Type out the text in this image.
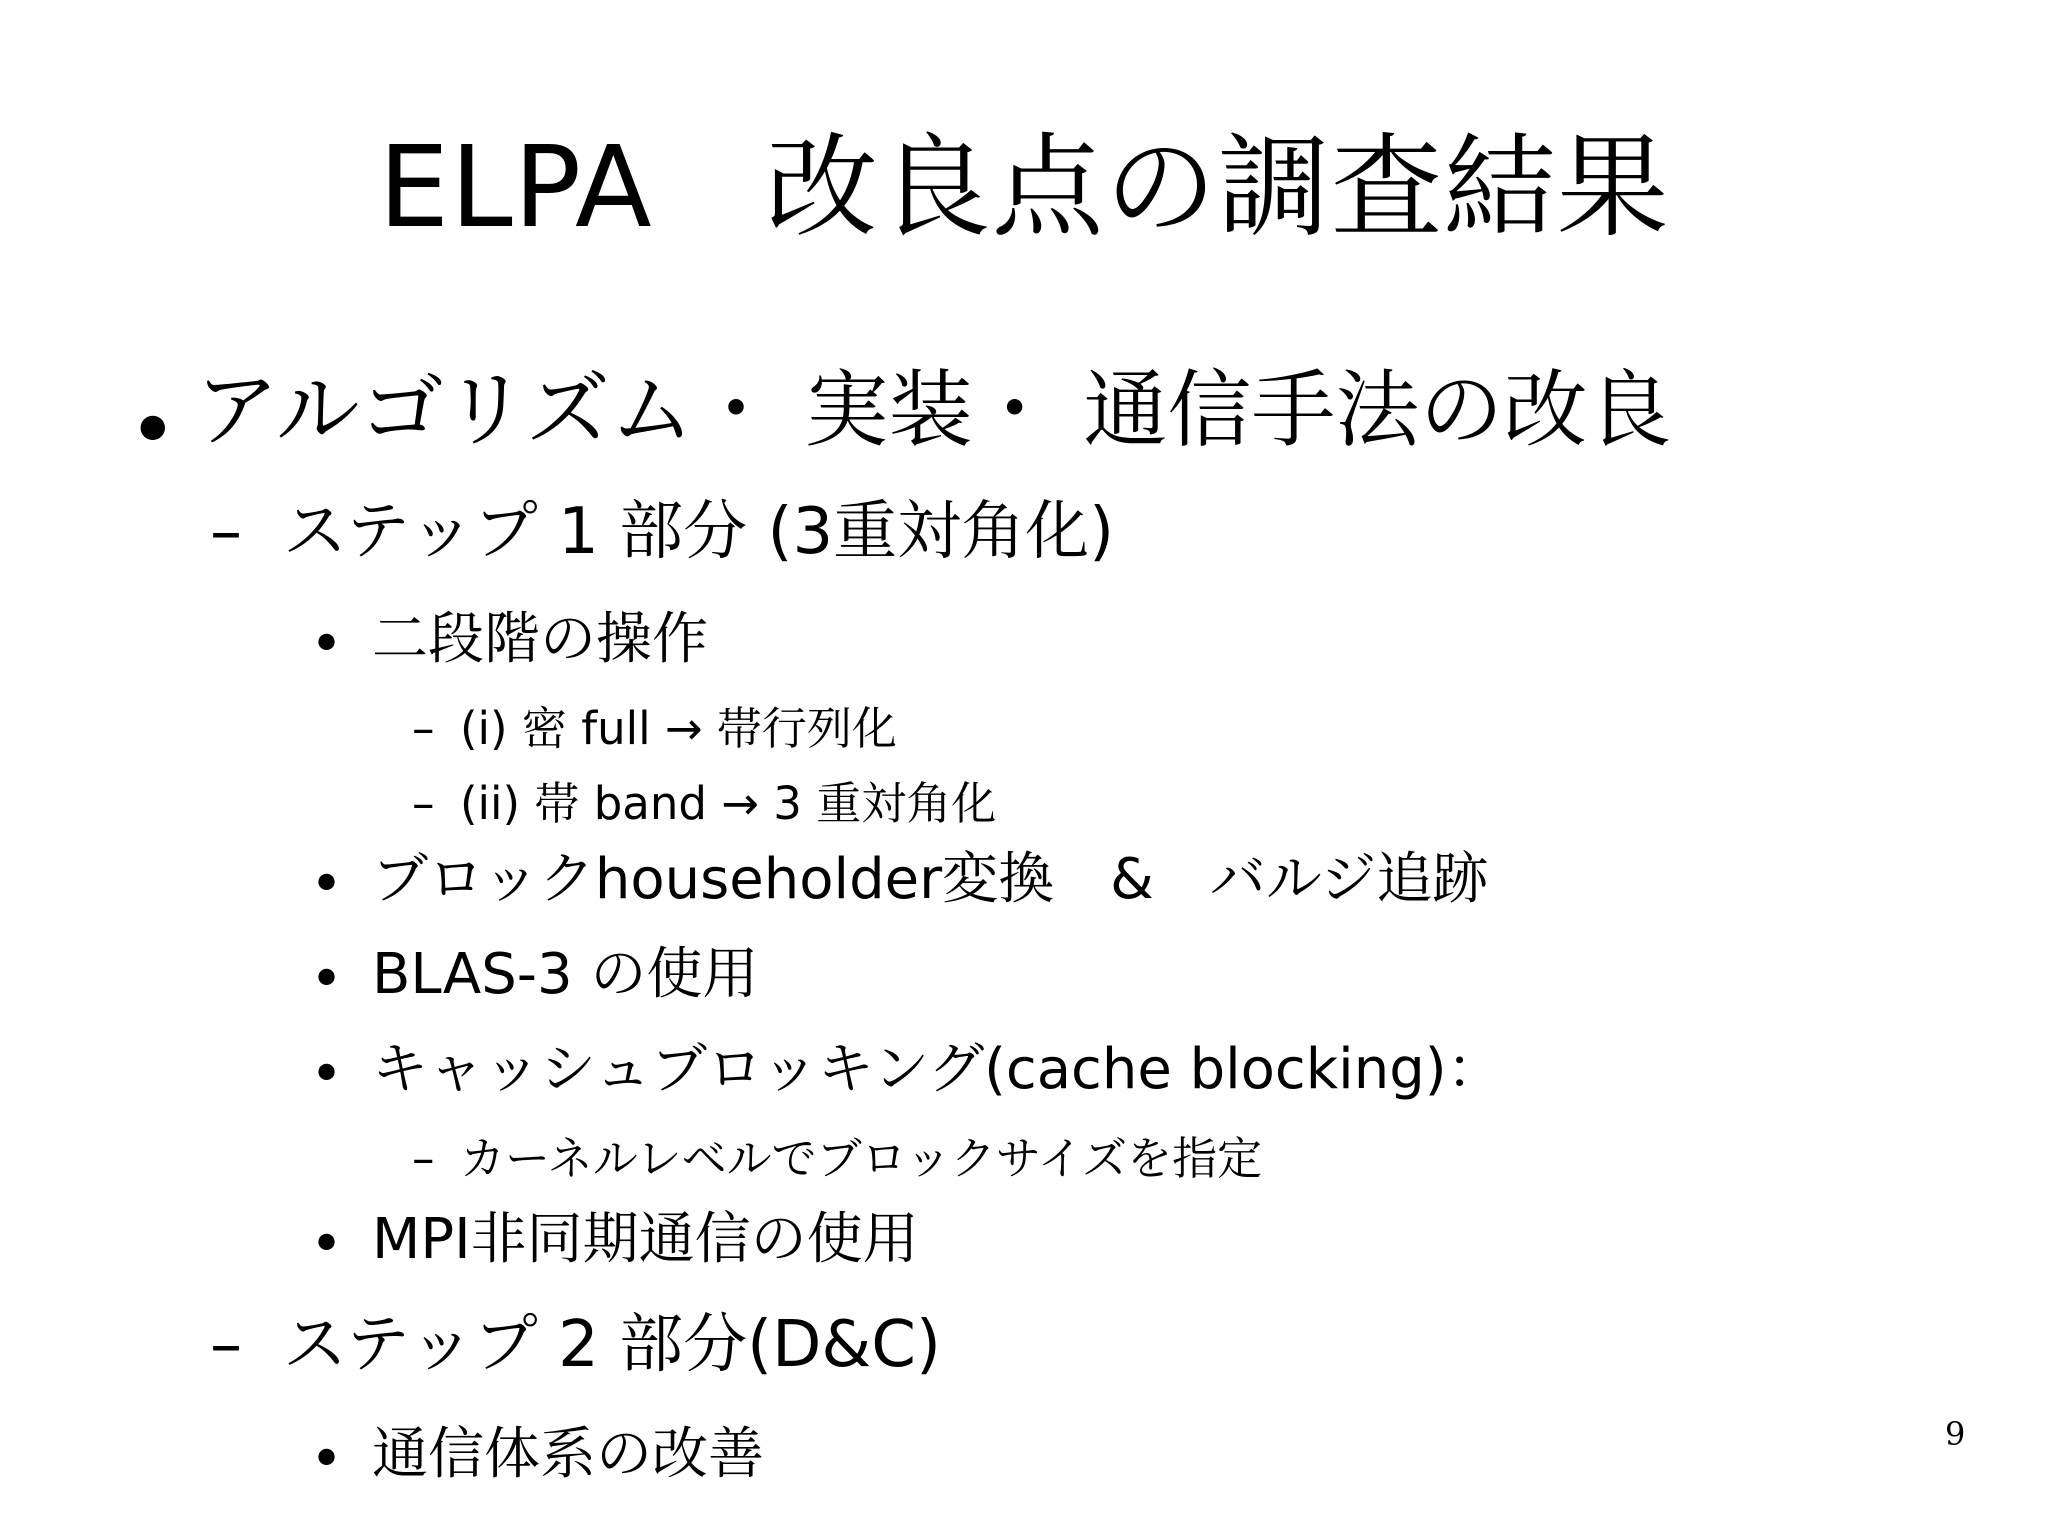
ELPA　改良点の調査結果
• アルゴリズム・ 実装・ 通信手法の改良
– ステップ 1 部分 (3重対角化)
• 二段階の操作
– (i) 密 full → 帯行列化
– (ii) 帯 band → 3 重対角化
• ブロックhouseholder変換　&　バルジ追跡
• BLAS-3 の使用
• キャッシュブロッキング(cache blocking)：
– カーネルレベルでブロックサイズを指定
• MPI非同期通信の使用
– ステップ 2 部分(D&C)
• 通信体系の改善	9
